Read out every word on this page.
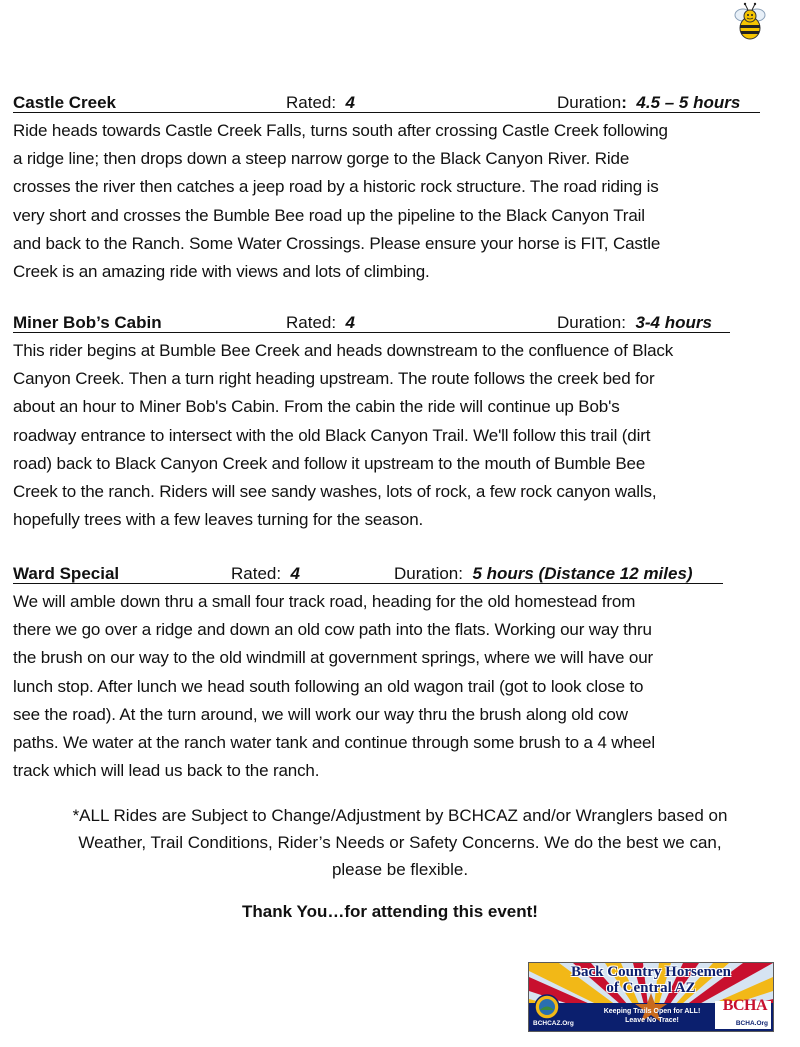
Castle Creek	Rated: 4	Duration: 4.5 – 5 hours
Ride heads towards Castle Creek Falls, turns south after crossing Castle Creek following
a ridge line; then drops down a steep narrow gorge to the Black Canyon River. Ride
crosses the river then catches a jeep road by a historic rock structure. The road riding is
very short and crosses the Bumble Bee road up the pipeline to the Black Canyon Trail
and back to the Ranch. Some Water Crossings. Please ensure your horse is FIT, Castle
Creek is an amazing ride with views and lots of climbing.
Miner Bob’s Cabin	Rated: 4	Duration: 3-4 hours
This rider begins at Bumble Bee Creek and heads downstream to the confluence of Black
Canyon Creek. Then a turn right heading upstream. The route follows the creek bed for
about an hour to Miner Bob's Cabin. From the cabin the ride will continue up Bob's
roadway entrance to intersect with the old Black Canyon Trail. We'll follow this trail (dirt
road) back to Black Canyon Creek and follow it upstream to the mouth of Bumble Bee
Creek to the ranch. Riders will see sandy washes, lots of rock, a few rock canyon walls,
hopefully trees with a few leaves turning for the season.
Ward Special	Rated: 4	Duration: 5 hours (Distance 12 miles)
We will amble down thru a small four track road, heading for the old homestead from
there we go over a ridge and down an old cow path into the flats. Working our way thru
the brush on our way to the old windmill at government springs, where we will have our
lunch stop. After lunch we head south following an old wagon trail (got to look close to
see the road). At the turn around, we will work our way thru the brush along old cow
paths. We water at the ranch water tank and continue through some brush to a 4 wheel
track which will lead us back to the ranch.
*ALL Rides are Subject to Change/Adjustment by BCHCAZ and/or Wranglers based on
Weather, Trail Conditions, Rider’s Needs or Safety Concerns. We do the best we can,
please be flexible.
Thank You…for attending this event!
Back Country Horsemen
of Central AZ
Keeping Trails Open for ALL!
Leave No Trace!
BCHA
BCHCAZ.Org	BCHA.Org
